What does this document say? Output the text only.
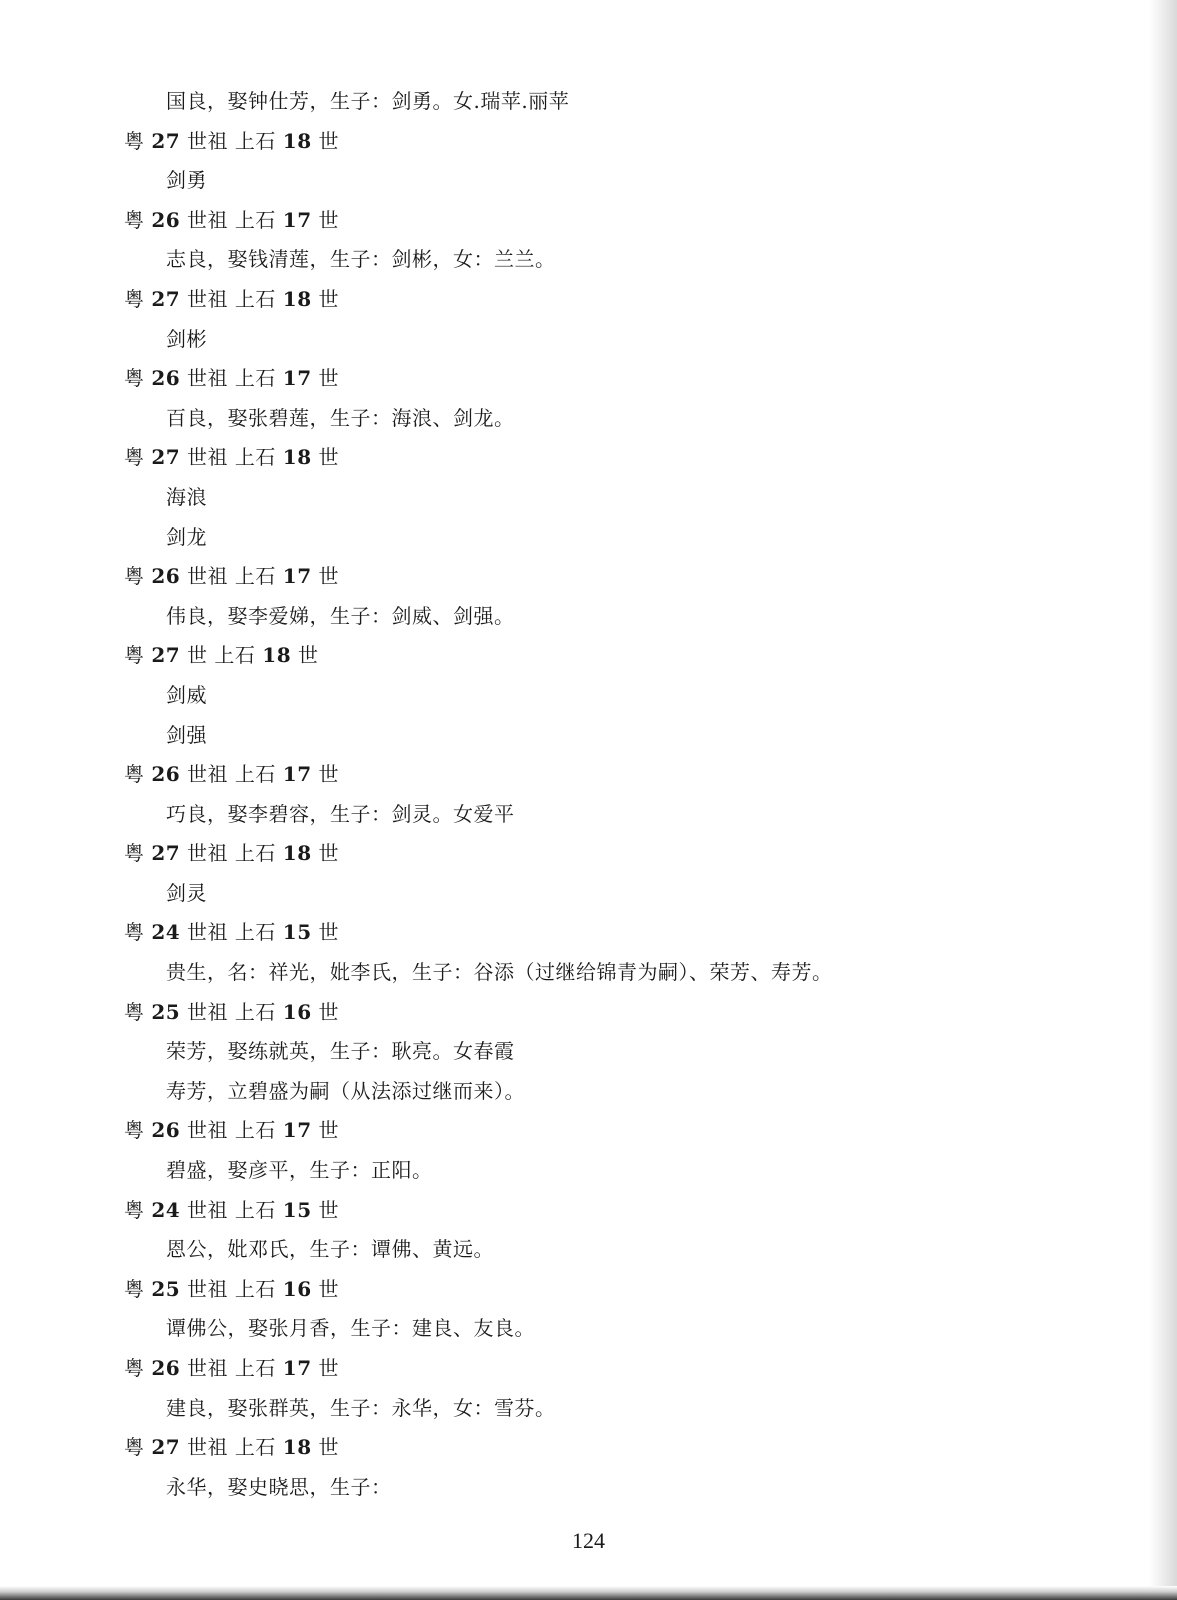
国良，娶钟仕芳，生子：剑勇。女.瑞苹.丽苹
粤 27 世祖 上石 18 世
剑勇
粤 26 世祖 上石 17 世
志良，娶钱清莲，生子：剑彬，女：兰兰。
粤 27 世祖 上石 18 世
剑彬
粤 26 世祖 上石 17 世
百良，娶张碧莲，生子：海浪、剑龙。
粤 27 世祖 上石 18 世
海浪
剑龙
粤 26 世祖 上石 17 世
伟良，娶李爱娣，生子：剑威、剑强。
粤 27 世 上石 18 世
剑威
剑强
粤 26 世祖 上石 17 世
巧良，娶李碧容，生子：剑灵。女爱平
粤 27 世祖 上石 18 世
剑灵
粤 24 世祖 上石 15 世
贵生，名：祥光，妣李氏，生子：谷添（过继给锦青为嗣）、荣芳、寿芳。
粤 25 世祖 上石 16 世
荣芳，娶练就英，生子：耿亮。女春霞
寿芳，立碧盛为嗣（从法添过继而来）。
粤 26 世祖 上石 17 世
碧盛，娶彦平，生子：正阳。
粤 24 世祖 上石 15 世
恩公，妣邓氏，生子：谭佛、黄远。
粤 25 世祖 上石 16 世
谭佛公，娶张月香，生子：建良、友良。
粤 26 世祖 上石 17 世
建良，娶张群英，生子：永华，女：雪芬。
粤 27 世祖 上石 18 世
永华，娶史晓思，生子：
124
